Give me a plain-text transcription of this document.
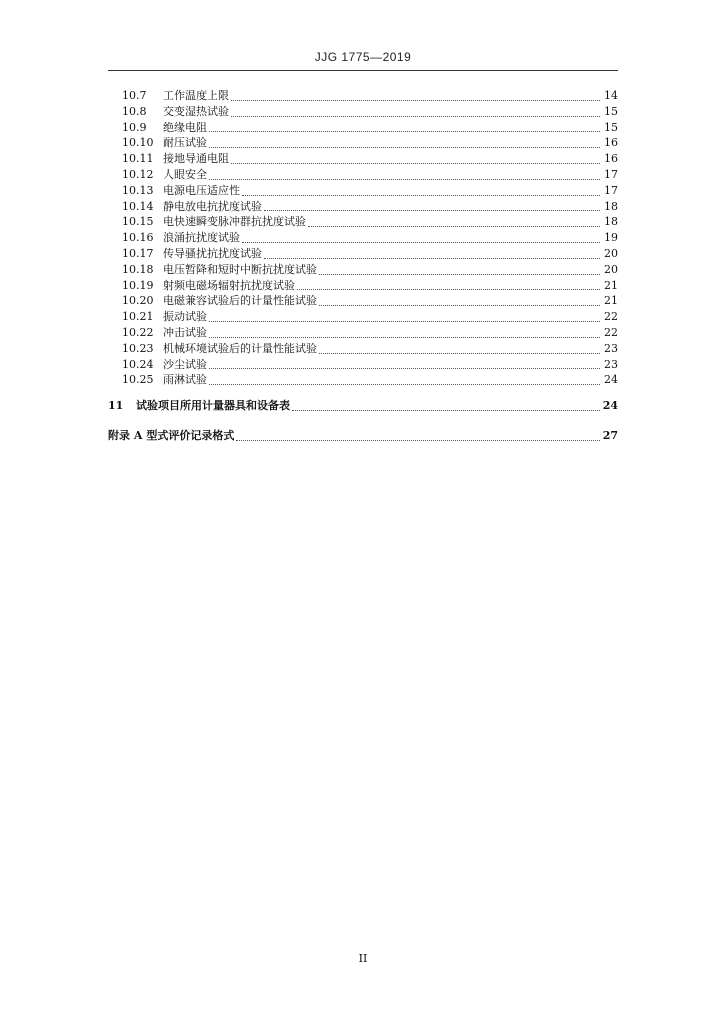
JJG 1775—2019
10.7	工作温度上限	14
10.8	交变湿热试验	15
10.9	绝缘电阻	15
10.10 耐压试验	16
10.11 接地导通电阻	16
10.12 人眼安全	17
10.13 电源电压适应性	17
10.14 静电放电抗扰度试验	18
10.15 电快速瞬变脉冲群抗扰度试验	18
10.16 浪涌抗扰度试验	19
10.17 传导骚扰抗扰度试验	20
10.18 电压暂降和短时中断抗扰度试验	20
10.19 射频电磁场辐射抗扰度试验	21
10.20 电磁兼容试验后的计量性能试验	21
10.21 振动试验	22
10.22 冲击试验	22
10.23 机械环境试验后的计量性能试验	23
10.24 沙尘试验	23
10.25 雨淋试验	24
11	试验项目所用计量器具和设备表	24
附录 A 型式评价记录格式	27
II
